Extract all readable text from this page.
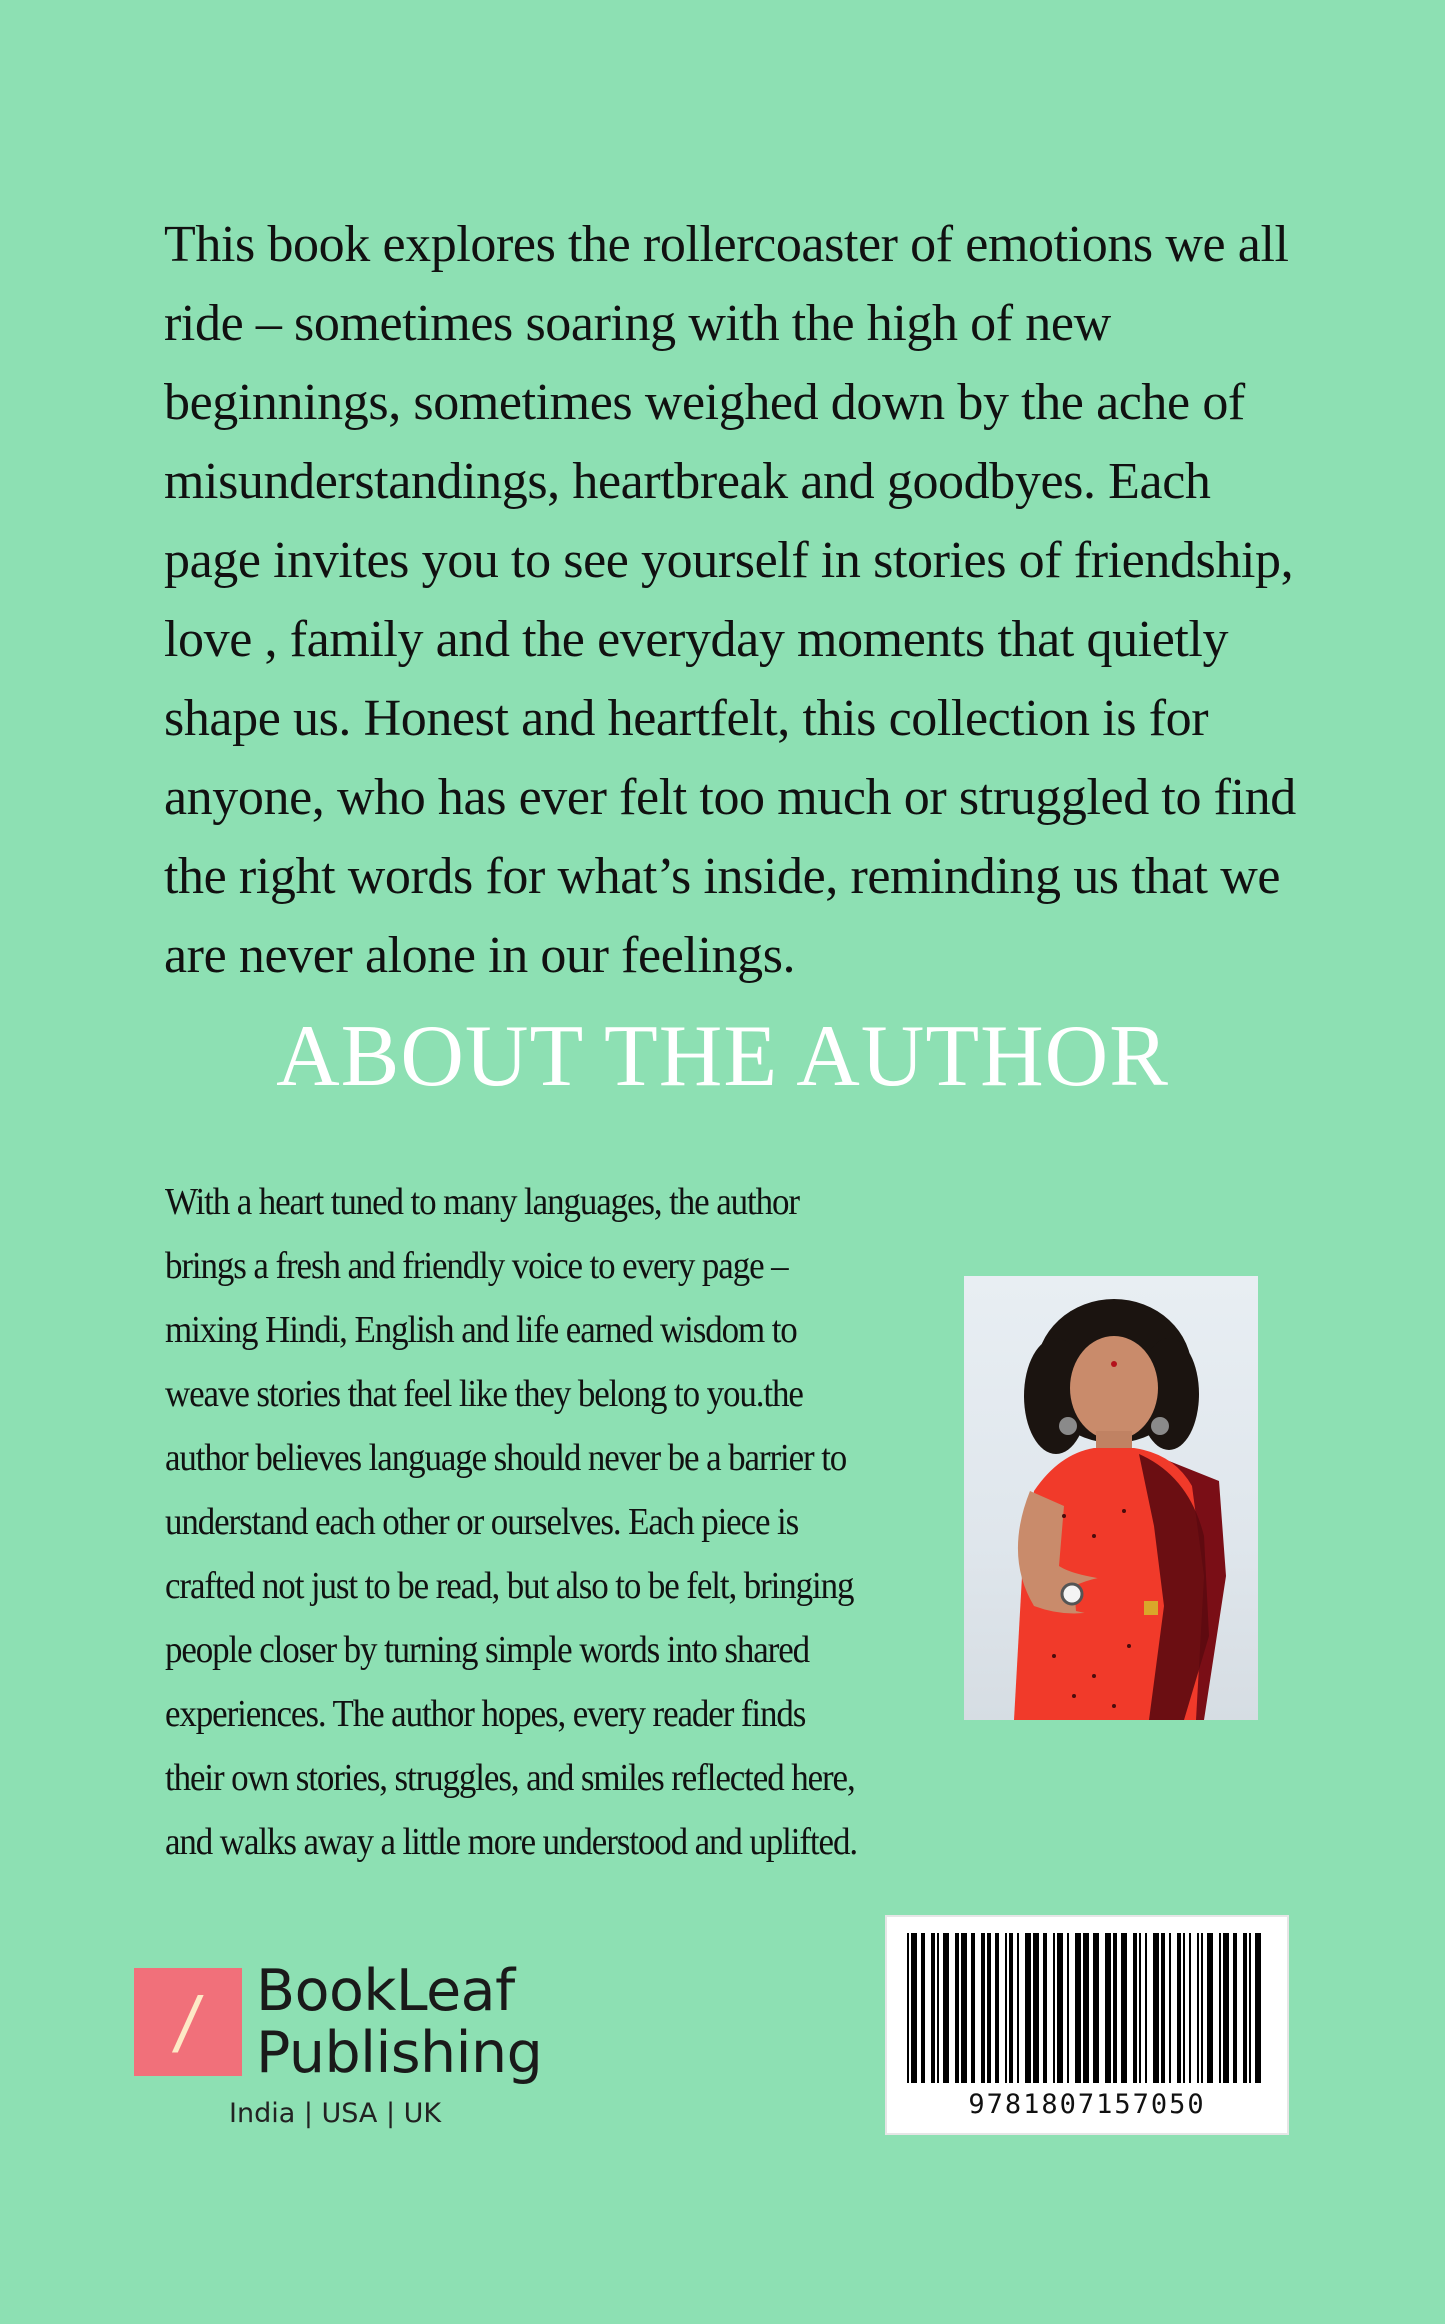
This book explores the rollercoaster of emotions we all ride – sometimes soaring with the high of new beginnings, sometimes weighed down by the ache of misunderstandings, heartbreak and goodbyes. Each page invites you to see yourself in stories of friendship, love , family and the everyday moments that quietly shape us. Honest and heartfelt, this collection is for anyone, who has ever felt too much or struggled to find the right words for what’s inside, reminding us that we are never alone in our feelings.

ABOUT THE AUTHOR

With a heart tuned to many languages, the author brings a fresh and friendly voice to every page – mixing Hindi, English and life earned wisdom to weave stories that feel like they belong to you.the author believes language should never be a barrier to understand each other or ourselves. Each piece is crafted not just to be read, but also to be felt, bringing people closer by turning simple words into shared experiences. The author hopes, every reader finds their own stories, struggles, and smiles reflected here, and walks away a little more understood and uplifted.

/ BookLeaf
Publishing
India | USA | UK	9781807157050
